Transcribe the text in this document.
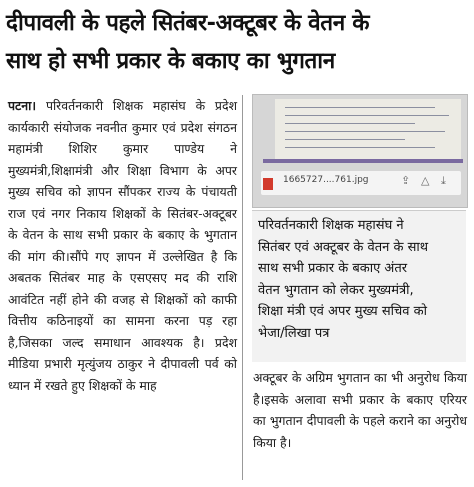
दीपावली के पहले सितंबर-अक्टूबर के वेतन के
साथ हो सभी प्रकार के बकाए का भुगतान
पटना। परिवर्तनकारी शिक्षक महासंघ के प्रदेश कार्यकारी संयोजक नवनीत कुमार एवं प्रदेश संगठन महामंत्री शिशिर कुमार पाण्डेय ने मुख्यमंत्री,शिक्षामंत्री और शिक्षा विभाग के अपर मुख्य सचिव को ज्ञापन सौंपकर राज्य के पंचायती राज एवं नगर निकाय शिक्षकों के सितंबर-अक्टूबर के वेतन के साथ सभी प्रकार के बकाए के भुगतान की मांग की।सौंपे गए ज्ञापन में उल्लेखित है कि अबतक सितंबर माह के एसएसए मद की राशि आवंटित नहीं होने की वजह से शिक्षकों को काफी वित्तीय कठिनाइयों का सामना करना पड़ रहा है,जिसका जल्द समाधान आवश्यक है। प्रदेश मीडिया प्रभारी मृत्युंजय ठाकुर ने दीपावली पर्व को ध्यान में रखते हुए शिक्षकों के माह
1665727....761.jpg	⇪ △ ⤓
परिवर्तनकारी शिक्षक महासंघ ने
सितंबर एवं अक्टूबर के वेतन के साथ
साथ सभी प्रकार के बकाए अंतर
वेतन भुगतान को लेकर मुख्यमंत्री,
शिक्षा मंत्री एवं अपर मुख्य सचिव को
भेजा/लिखा पत्र
अक्टूबर के अग्रिम भुगतान का भी अनुरोध किया है।इसके अलावा सभी प्रकार के बकाए एरियर का भुगतान दीपावली के पहले कराने का अनुरोध किया है।
